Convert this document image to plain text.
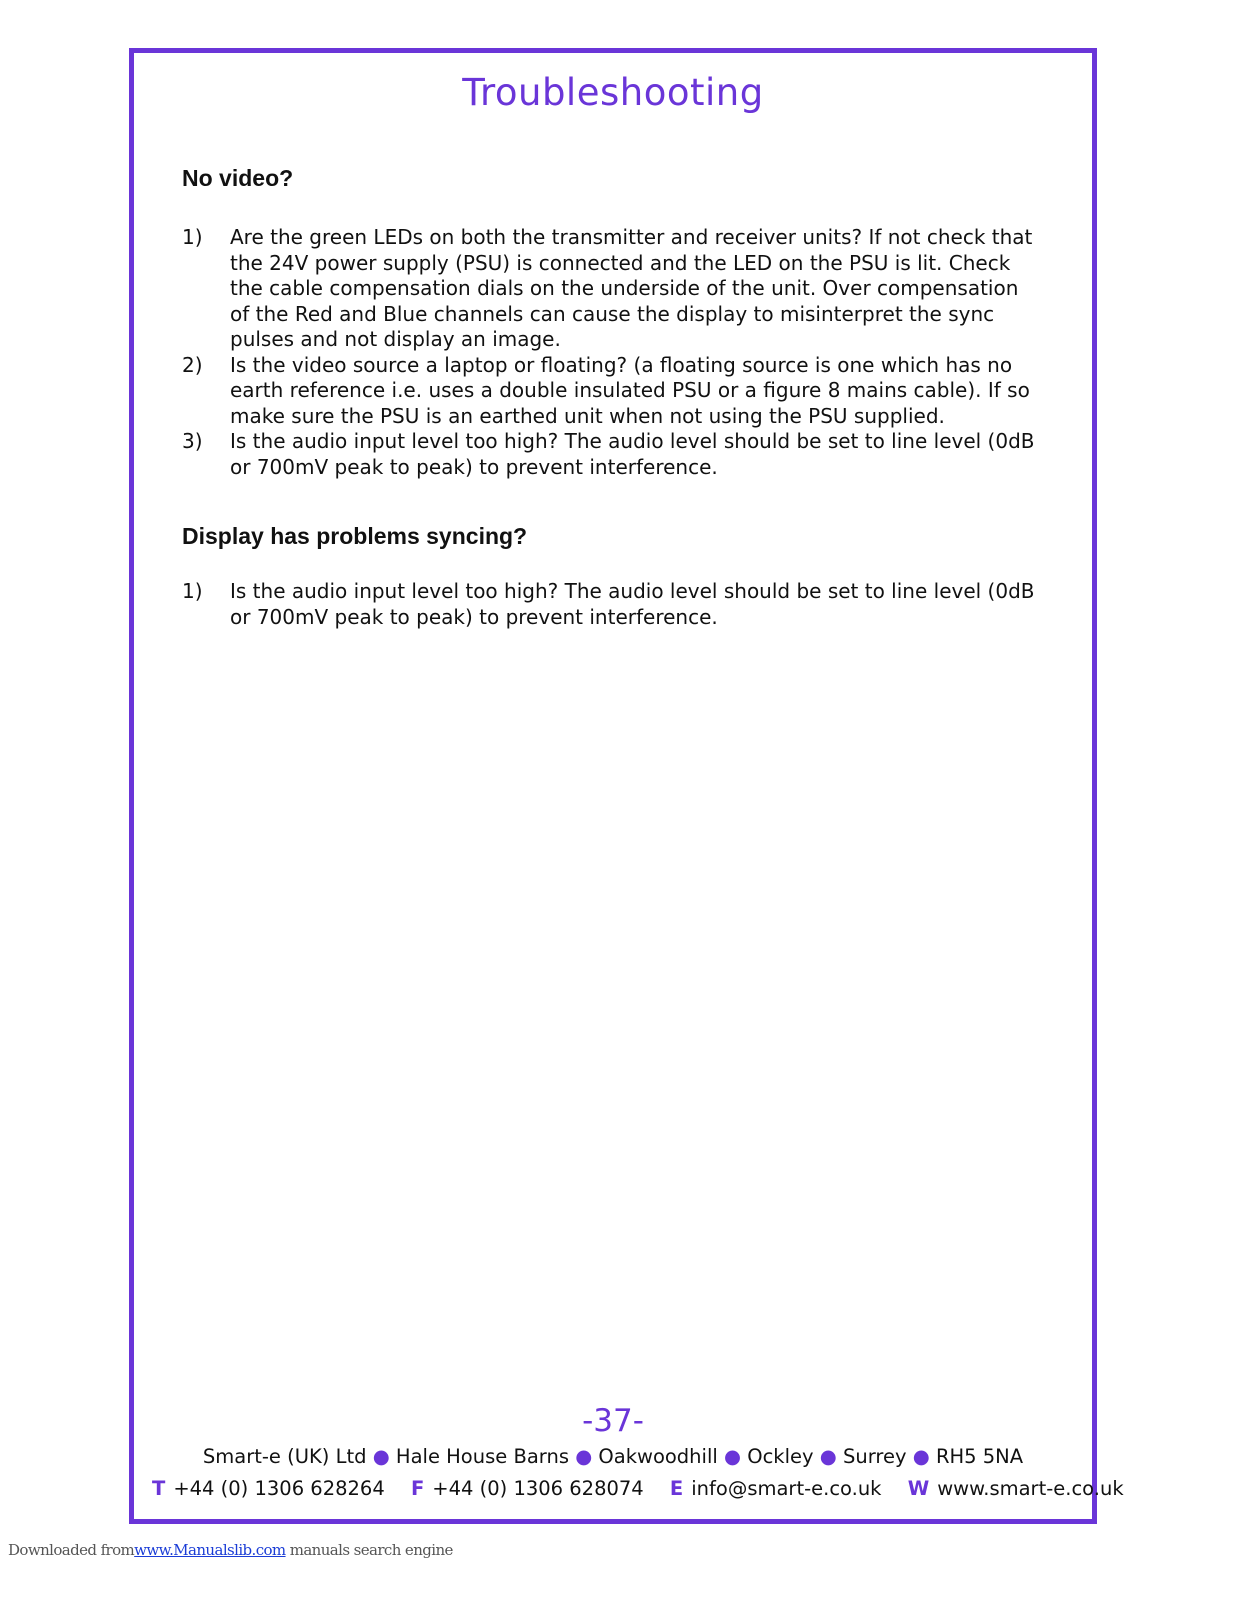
Troubleshooting
No video?
1) Are the green LEDs on both the transmitter and receiver units? If not check that the 24V power supply (PSU) is connected and the LED on the PSU is lit. Check the cable compensation dials on the underside of the unit. Over compensation of the Red and Blue channels can cause the display to misinterpret the sync pulses and not display an image.
2) Is the video source a laptop or floating? (a floating source is one which has no earth reference i.e. uses a double insulated PSU or a figure 8 mains cable). If so make sure the PSU is an earthed unit when not using the PSU supplied.
3) Is the audio input level too high? The audio level should be set to line level (0dB or 700mV peak to peak) to prevent interference.
Display has problems syncing?
1) Is the audio input level too high? The audio level should be set to line level (0dB or 700mV peak to peak) to prevent interference.
-37-
Smart-e (UK) Ltd ● Hale House Barns ● Oakwoodhill ● Ockley ● Surrey ● RH5 5NA
T +44 (0) 1306 628264 F +44 (0) 1306 628074 E info@smart-e.co.uk W www.smart-e.co.uk
Downloaded fromwww.Manualslib.com manuals search engine
